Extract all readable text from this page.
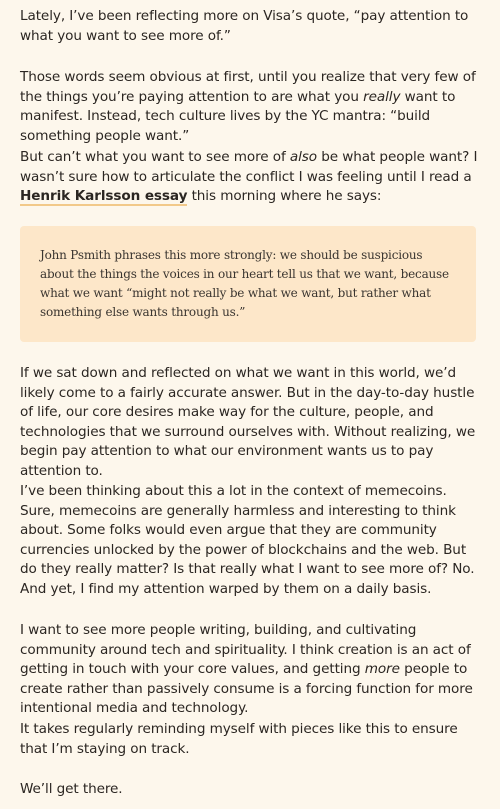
Lately, I’ve been reflecting more on Visa’s quote, “pay attention to what you want to see more of.”

Those words seem obvious at first, until you realize that very few of the things you’re paying attention to are what you really want to manifest. Instead, tech culture lives by the YC mantra: “build something people want.”

But can’t what you want to see more of also be what people want? I wasn’t sure how to articulate the conflict I was feeling until I read a Henrik Karlsson essay this morning where he says:

John Psmith phrases this more strongly: we should be suspicious about the things the voices in our heart tell us that we want, because what we want “might not really be what we want, but rather what something else wants through us.”

If we sat down and reflected on what we want in this world, we’d likely come to a fairly accurate answer. But in the day-to-day hustle of life, our core desires make way for the culture, people, and technologies that we surround ourselves with. Without realizing, we begin pay attention to what our environment wants us to pay attention to.

I’ve been thinking about this a lot in the context of memecoins. Sure, memecoins are generally harmless and interesting to think about. Some folks would even argue that they are community currencies unlocked by the power of blockchains and the web. But do they really matter? Is that really what I want to see more of? No. And yet, I find my attention warped by them on a daily basis.

I want to see more people writing, building, and cultivating community around tech and spirituality. I think creation is an act of getting in touch with your core values, and getting more people to create rather than passively consume is a forcing function for more intentional media and technology.

It takes regularly reminding myself with pieces like this to ensure that I’m staying on track.

We’ll get there.
